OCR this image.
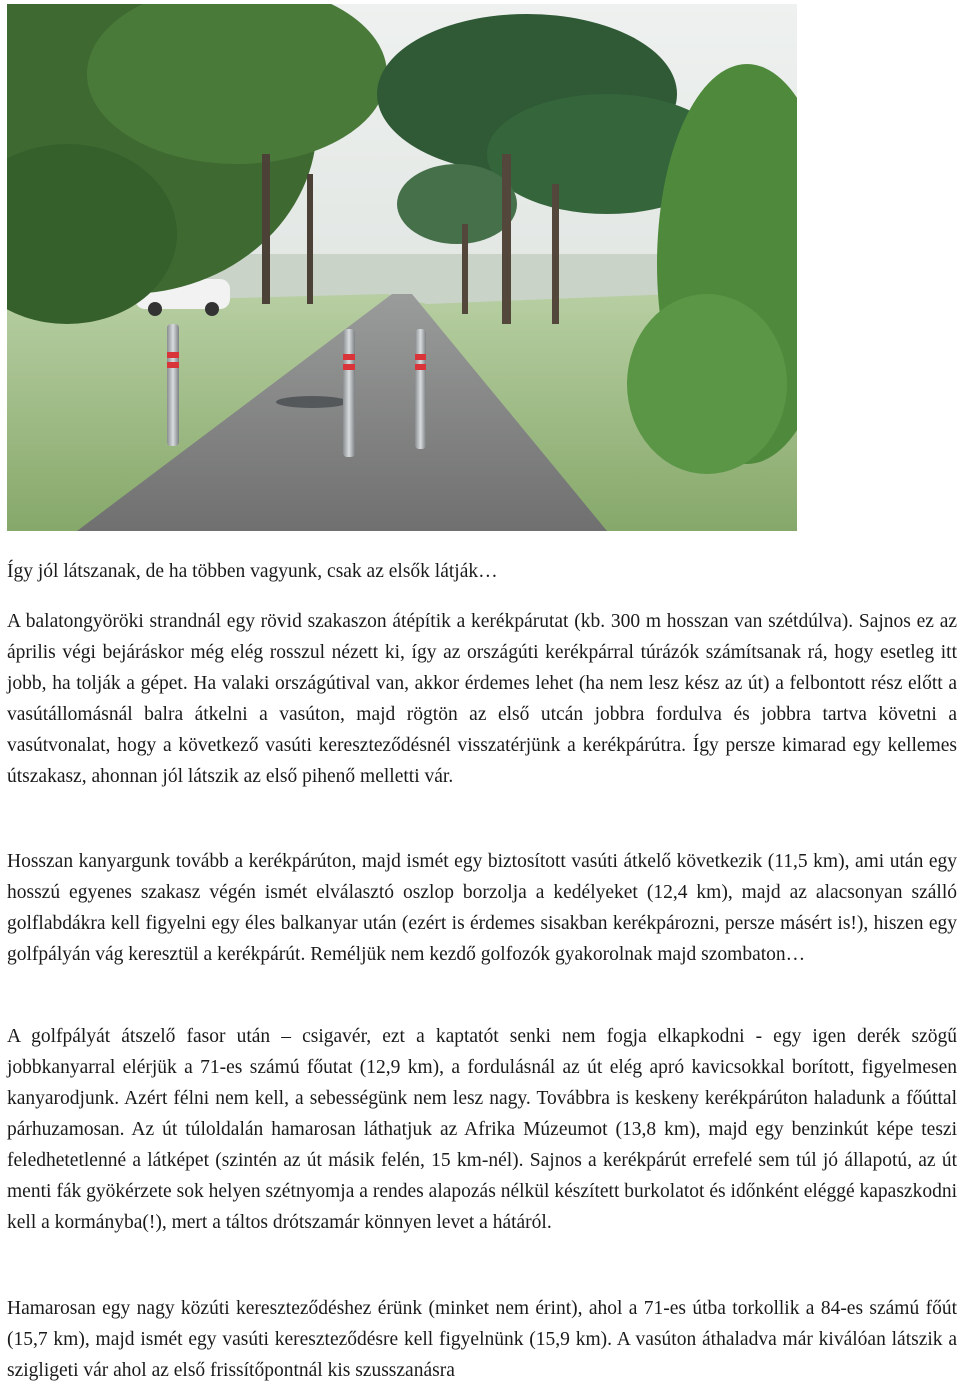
Így jól látszanak, de ha többen vagyunk, csak az elsők látják…

A balatongyöröki strandnál egy rövid szakaszon átépítik a kerékpárutat (kb. 300 m hosszan van szétdúlva). Sajnos ez az április végi bejáráskor még elég rosszul nézett ki, így az országúti kerékpárral túrázók számítsanak rá, hogy esetleg itt jobb, ha tolják a gépet. Ha valaki országútival van, akkor érdemes lehet (ha nem lesz kész az út) a felbontott rész előtt a vasútállomásnál balra átkelni a vasúton, majd rögtön az első utcán jobbra fordulva és jobbra tartva követni a vasútvonalat, hogy a következő vasúti kereszteződésnél visszatérjünk a kerékpárútra. Így persze kimarad egy kellemes útszakasz, ahonnan jól látszik az első pihenő melletti vár.

Hosszan kanyargunk tovább a kerékpárúton, majd ismét egy biztosított vasúti átkelő következik (11,5 km), ami után egy hosszú egyenes szakasz végén ismét elválasztó oszlop borzolja a kedélyeket (12,4 km), majd az alacsonyan szálló golflabdákra kell figyelni egy éles balkanyar után (ezért is érdemes sisakban kerékpározni, persze másért is!), hiszen egy golfpályán vág keresztül a kerékpárút. Reméljük nem kezdő golfozók gyakorolnak majd szombaton…

A golfpályát átszelő fasor után – csigavér, ezt a kaptatót senki nem fogja elkapkodni - egy igen derék szögű jobbkanyarral elérjük a 71-es számú főutat (12,9 km), a fordulásnál az út elég apró kavicsokkal borított, figyelmesen kanyarodjunk. Azért félni nem kell, a sebességünk nem lesz nagy. Továbbra is keskeny kerékpárúton haladunk a főúttal párhuzamosan. Az út túloldalán hamarosan láthatjuk az Afrika Múzeumot (13,8 km), majd egy benzinkút képe teszi feledhetetlenné a látképet (szintén az út másik felén, 15 km-nél). Sajnos a kerékpárút errefelé sem túl jó állapotú, az út menti fák gyökérzete sok helyen szétnyomja a rendes alapozás nélkül készített burkolatot és időnként eléggé kapaszkodni kell a kormányba(!), mert a táltos drótszamár könnyen levet a hátáról.

Hamarosan egy nagy közúti kereszteződéshez érünk (minket nem érint), ahol a 71-es útba torkollik a 84-es számú főút (15,7 km), majd ismét egy vasúti kereszteződésre kell figyelnünk (15,9 km). A vasúton áthaladva már kiválóan látszik a szigligeti vár ahol az első frissítőpontnál kis szusszanásra
